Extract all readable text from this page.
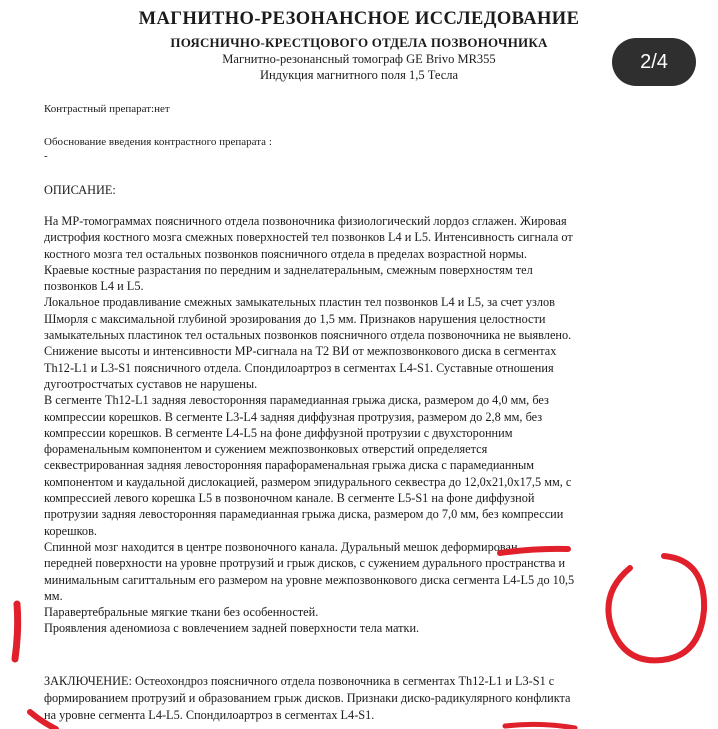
МАГНИТНО-РЕЗОНАНСНОЕ ИССЛЕДОВАНИЕ
ПОЯСНИЧНО-КРЕСТЦОВОГО ОТДЕЛА ПОЗВОНОЧНИКА
Магнитно-резонансный томограф GE Brivo MR355
Индукция магнитного поля 1,5 Тесла
Контрастный препарат:нет
Обоснование введения контрастного препарата :
-
ОПИСАНИЕ:
На МР-томограммах поясничного отдела позвоночника физиологический лордоз сглажен. Жировая
дистрофия костного мозга смежных поверхностей тел позвонков L4 и L5. Интенсивность сигнала от
костного мозга тел остальных позвонков поясничного отдела в пределах возрастной нормы.
Краевые костные разрастания по передним и заднелатеральным, смежным поверхностям тел
позвонков L4 и L5.
Локальное продавливание смежных замыкательных пластин тел позвонков L4 и L5, за счет узлов
Шморля с максимальной глубиной эрозирования до 1,5 мм. Признаков нарушения целостности
замыкательных пластинок тел остальных позвонков поясничного отдела позвоночника не выявлено.
Снижение высоты и интенсивности МР-сигнала на T2 ВИ от межпозвонкового диска в сегментах
Th12-L1 и L3-S1 поясничного отдела. Спондилоартроз в сегментах L4-S1. Суставные отношения
дугоотростчатых суставов не нарушены.
В сегменте Th12-L1 задняя левосторонняя парамедианная грыжа диска, размером до 4,0 мм, без
компрессии корешков. В сегменте L3-L4 задняя диффузная протрузия, размером до 2,8 мм, без
компрессии корешков. В сегменте L4-L5 на фоне диффузной протрузии с двухсторонним
фораменальным компонентом и сужением межпозвонковых отверстий определяется
секвестрированная задняя левосторонняя парафораменальная грыжа диска с парамедианным
компонентом и каудальной дислокацией, размером эпидурального секвестра до 12,0х21,0х17,5 мм, с
компрессией левого корешка L5 в позвоночном канале. В сегменте L5-S1 на фоне диффузной
протрузии задняя левосторонняя парамедианная грыжа диска, размером до 7,0 мм, без компрессии
корешков.
Спинной мозг находится в центре позвоночного канала. Дуральный мешок деформирован
передней поверхности на уровне протрузий и грыж дисков, с сужением дурального пространства и
минимальным сагиттальным его размером на уровне межпозвонкового диска сегмента L4-L5 до 10,5
мм.
Паравертебральные мягкие ткани без особенностей.
Проявления аденомиоза с вовлечением задней поверхности тела матки.
ЗАКЛЮЧЕНИЕ: Остеохондроз поясничного отдела позвоночника в сегментах Th12-L1 и L3-S1 с
формированием протрузий и образованием грыж дисков. Признаки диско-радикулярного конфликта
на уровне сегмента L4-L5. Спондилоартроз в сегментах L4-S1.
2/4
